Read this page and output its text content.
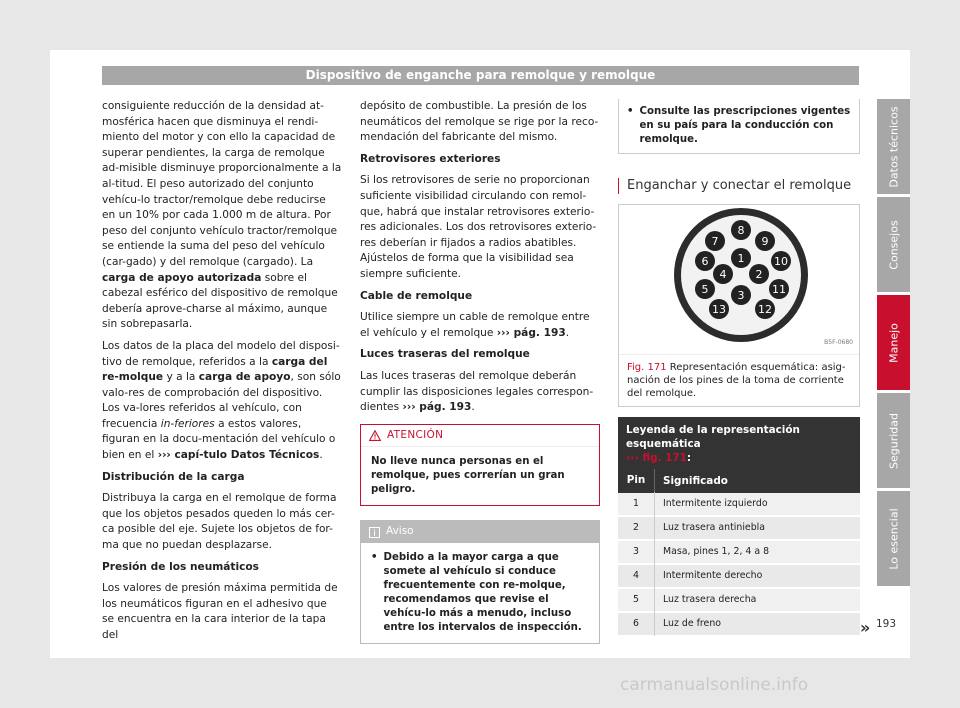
Dispositivo de enganche para remolque y remolque

consiguiente reducción de la densidad at-mosférica hacen que disminuya el rendi-miento del motor y con ello la capacidad de superar pendientes, la carga de remolque ad-misible disminuye proporcionalmente a la al-titud. El peso autorizado del conjunto vehícu-lo tractor/remolque debe reducirse en un 10% por cada 1.000 m de altura. Por peso del conjunto vehículo tractor/remolque se entiende la suma del peso del vehículo (car-gado) y del remolque (cargado). La carga de apoyo autorizada sobre el cabezal esférico del dispositivo de remolque debería aprove-charse al máximo, aunque sin sobrepasarla.

Los datos de la placa del modelo del disposi-tivo de remolque, referidos a la carga del re-molque y a la carga de apoyo, son sólo valo-res de comprobación del dispositivo. Los va-lores referidos al vehículo, con frecuencia in-feriores a estos valores, figuran en la docu-mentación del vehículo o bien en el ››› capí-tulo Datos Técnicos.

Distribución de la carga

Distribuya la carga en el remolque de forma que los objetos pesados queden lo más cer-ca posible del eje. Sujete los objetos de for-ma que no puedan desplazarse.

Presión de los neumáticos

Los valores de presión máxima permitida de los neumáticos figuran en el adhesivo que se encuentra en la cara interior de la tapa del

depósito de combustible. La presión de los neumáticos del remolque se rige por la reco-mendación del fabricante del mismo.

Retrovisores exteriores

Si los retrovisores de serie no proporcionan suficiente visibilidad circulando con remol-que, habrá que instalar retrovisores exterio-res adicionales. Los dos retrovisores exterio-res deberían ir fijados a radios abatibles. Ajústelos de forma que la visibilidad sea siempre suficiente.

Cable de remolque

Utilice siempre un cable de remolque entre el vehículo y el remolque ››› pág. 193.

Luces traseras del remolque

Las luces traseras del remolque deberán cumplir las disposiciones legales correspon-dientes ››› pág. 193.

ATENCIÓN
No lleve nunca personas en el remolque, pues correrían un gran peligro.
Aviso
• Debido a la mayor carga a que somete al vehículo si conduce frecuentemente con re-molque, recomendamos que revise el vehícu-lo más a menudo, incluso entre los intervalos de inspección.
• Consulte las prescripciones vigentes en su país para la conducción con remolque.
Enganchar y conectar el remolque
1
2
3
4
5
6
7
8
9
10
11
12
13
B5F-0680
Fig. 171 Representación esquemática: asig-nación de los pines de la toma de corriente del remolque.
Leyenda de la representación esquemática
››› fig. 171:
Pin	Significado
1	Intermitente izquierdo
2	Luz trasera antiniebla
3	Masa, pines 1, 2, 4 a 8
4	Intermitente derecho
5	Luz trasera derecha
6	Luz de freno	»
Datos técnicos
Consejos
Manejo
Seguridad
Lo esencial
193
carmanualsonline.info
